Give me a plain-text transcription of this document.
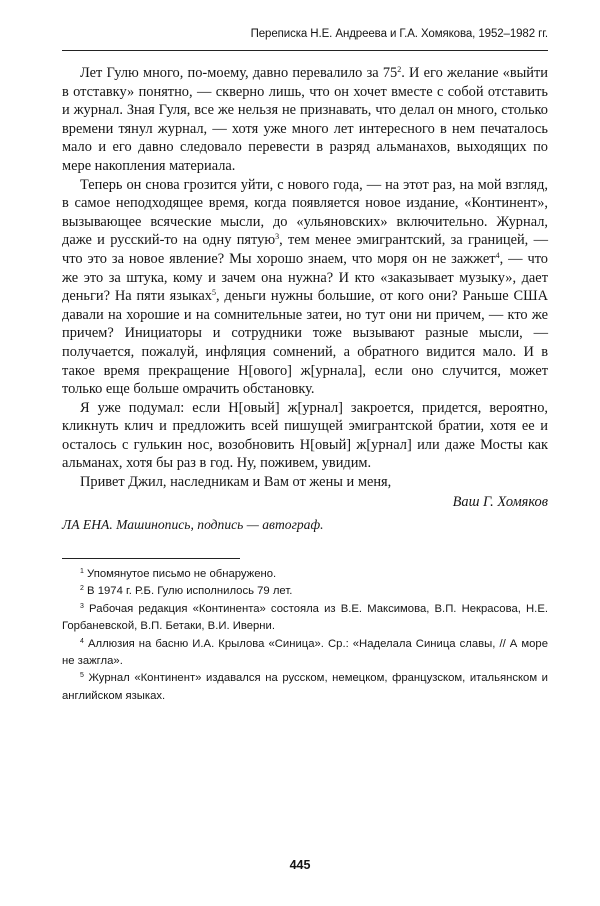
Переписка Н.Е. Андреева и Г.А. Хомякова, 1952–1982 гг.

Лет Гулю много, по-моему, давно перевалило за $75^2$. И его желание «выйти в отставку» понятно, — скверно лишь, что он хочет вместе с собой отставить и журнал. Зная Гуля, все же нельзя не признавать, что делал он много, столько времени тянул журнал, — хотя уже много лет интересного в нем печаталось мало и его давно следовало перевести в разряд альманахов, выходящих по мере накопления материала.

Теперь он снова грозится уйти, с нового года, — на этот раз, на мой взгляд, в самое неподходящее время, когда появляется новое издание, «Континент», вызывающее всяческие мысли, до «ульяновских» включительно. Журнал, даже и русский-то на одну пятую$^3$, тем менее эмигрантский, за границей, — что это за новое явление? Мы хорошо знаем, что моря он не зажжет$^4$, — что же это за штука, кому и зачем она нужна? И кто «заказывает музыку», дает деньги? На пяти языках$^5$, деньги нужны большие, от кого они? Раньше США давали на хорошие и на сомнительные затеи, но тут они ни причем, — кто же причем? Инициаторы и сотрудники тоже вызывают разные мысли, — получается, пожалуй, инфляция сомнений, а обратного видится мало. И в такое время прекращение Н[ового] ж[урнала], если оно случится, может только еще больше омрачить обстановку.

Я уже подумал: если Н[овый] ж[урнал] закроется, придется, вероятно, кликнуть клич и предложить всей пишущей эмигрантской братии, хотя ее и осталось с гулькин нос, возобновить Н[овый] ж[урнал] или даже Мосты как альманах, хотя бы раз в год. Ну, поживем, увидим.

Привет Джил, наследникам и Вам от жены и меня,

Ваш Г. Хомяков

ЛА ЕНА. Машинопись, подпись — автограф.

$^1$ Упомянутое письмо не обнаружено.

$^2$ В 1974 г. Р.Б. Гулю исполнилось 79 лет.

$^3$ Рабочая редакция «Континента» состояла из В.Е. Максимова, В.П. Некрасова, Н.Е. Горбаневской, В.П. Бетаки, В.И. Иверни.

$^4$ Аллюзия на басню И.А. Крылова «Синица». Ср.: «Наделала Синица славы, // А море не зажгла».

$^5$ Журнал «Континент» издавался на русском, немецком, французском, итальянском и английском языках.

445
